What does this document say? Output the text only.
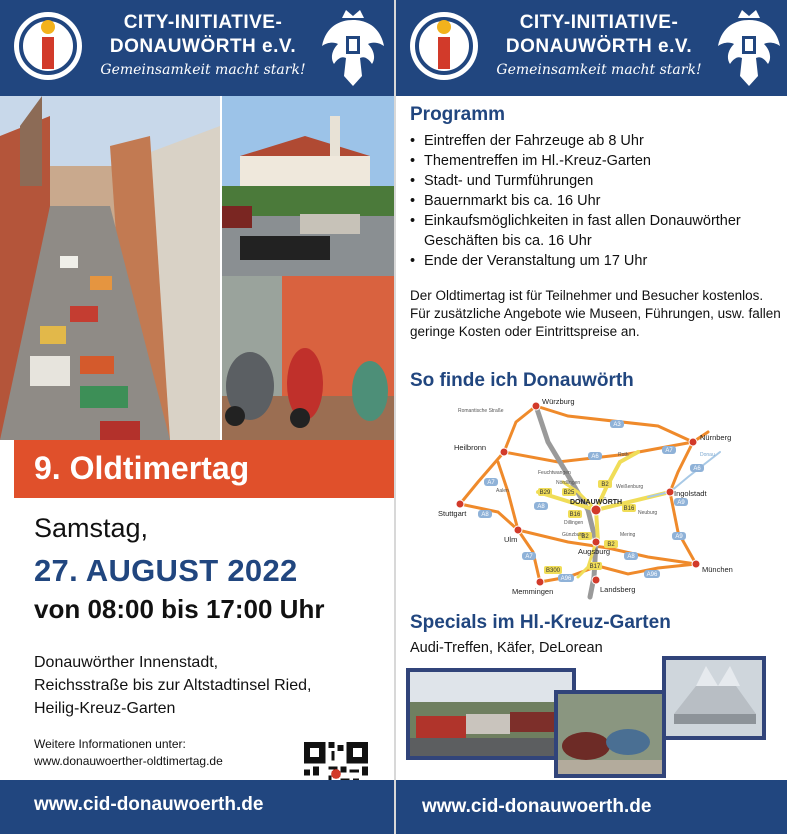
CITY-INITIATIVE-
DONAUWÖRTH e.V.
Gemeinsamkeit macht stark!
9. Oldtimertag
Samstag,
27. AUGUST 2022
von 08:00 bis 17:00 Uhr
Donauwörther Innenstadt,
Reichsstraße bis zur Altstadtinsel Ried,
Heilig-Kreuz-Garten
Weitere Informationen unter:
www.donauwoerther-oldtimertag.de
www.cid-donauwoerth.de
CITY-INITIATIVE-
DONAUWÖRTH e.V.
Gemeinsamkeit macht stark!
Programm
• Eintreffen der Fahrzeuge ab 8 Uhr
• Thementreffen im Hl.-Kreuz-Garten
• Stadt- und Turmführungen
• Bauernmarkt bis ca. 16 Uhr
• Einkaufsmöglichkeiten in fast allen Donauwörther Geschäften bis ca. 16 Uhr
• Ende der Veranstaltung um 17 Uhr
Der Oldtimertag ist für Teilnehmer und Besucher kostenlos. Für zusätzliche Angebote wie Museen, Führungen, usw. fallen geringe Kosten oder Eintrittspreise an.
So finde ich Donauwörth
A3
A6
A6
A7
A8
A9
A9
A7	A8
A96
A96
A8
A7
B2
B2
B16
B16
B25
B29
B17
B300
B2
Würzburg
Nürnberg
Heilbronn
Ingolstadt
Stuttgart
DONAUWÖRTH
Ulm
Augsburg
München
Memmingen	Landsberg
Romantische Straße
Feuchtwangen
Aalen
Nördlingen
Roth
Weißenburg
Dillingen
Neuburg
Günzburg	Mering
Donau
Specials im Hl.-Kreuz-Garten
Audi-Treffen, Käfer, DeLorean
www.cid-donauwoerth.de
